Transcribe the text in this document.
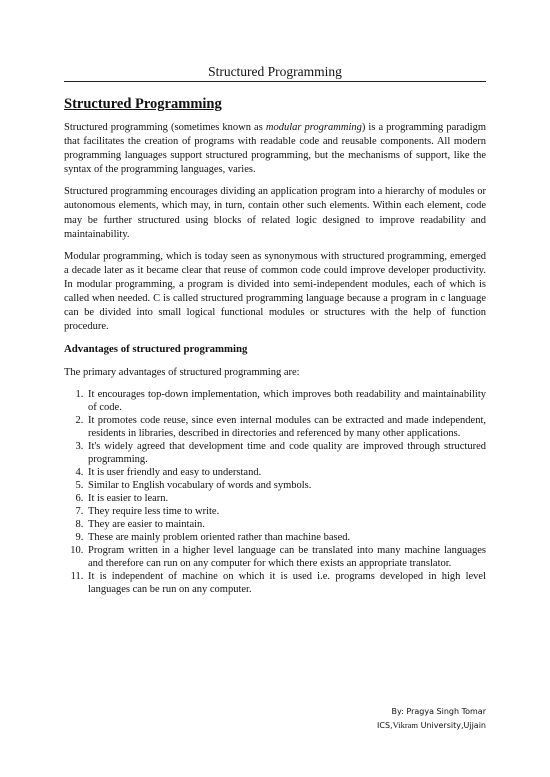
Structured Programming
Structured Programming

Structured programming (sometimes known as modular programming) is a programming paradigm that facilitates the creation of programs with readable code and reusable components. All modern programming languages support structured programming, but the mechanisms of support, like the syntax of the programming languages, varies.

Structured programming encourages dividing an application program into a hierarchy of modules or autonomous elements, which may, in turn, contain other such elements. Within each element, code may be further structured using blocks of related logic designed to improve readability and maintainability.

Modular programming, which is today seen as synonymous with structured programming, emerged a decade later as it became clear that reuse of common code could improve developer productivity. In modular programming, a program is divided into semi-independent modules, each of which is called when needed. C is called structured programming language because a program in c language can be divided into small logical functional modules or structures with the help of function procedure.

Advantages of structured programming

The primary advantages of structured programming are:

1. It encourages top-down implementation, which improves both readability and maintainability of code.
2. It promotes code reuse, since even internal modules can be extracted and made independent, residents in libraries, described in directories and referenced by many other applications.
3. It's widely agreed that development time and code quality are improved through structured programming.
4. It is user friendly and easy to understand.
5. Similar to English vocabulary of words and symbols.
6. It is easier to learn.
7. They require less time to write.
8. They are easier to maintain.
9. These are mainly problem oriented rather than machine based.
10. Program written in a higher level language can be translated into many machine languages and therefore can run on any computer for which there exists an appropriate translator.
11. It is independent of machine on which it is used i.e. programs developed in high level languages can be run on any computer.
By: Pragya Singh Tomar
ICS,Vikram University,Ujjain
